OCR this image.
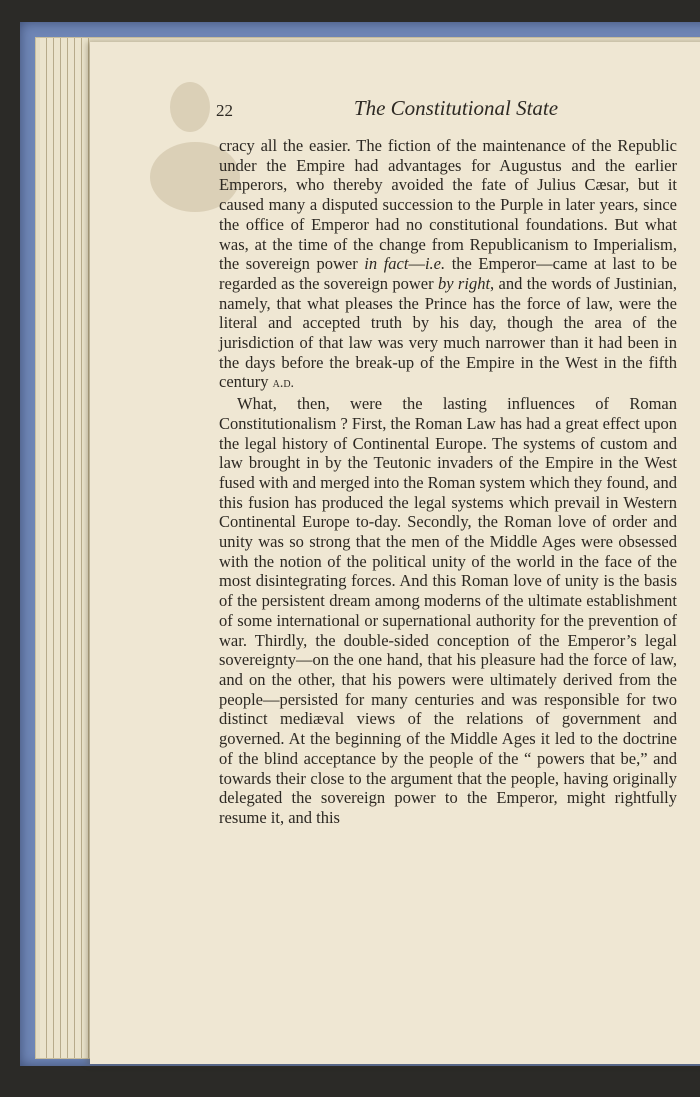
22	The Constitutional State

cracy all the easier. The fiction of the maintenance of the Republic under the Empire had advantages for Augustus and the earlier Emperors, who thereby avoided the fate of Julius Cæsar, but it caused many a disputed succession to the Purple in later years, since the office of Emperor had no constitutional foundations. But what was, at the time of the change from Republicanism to Imperialism, the sovereign power in fact—i.e. the Emperor—came at last to be regarded as the sovereign power by right, and the words of Justinian, namely, that what pleases the Prince has the force of law, were the literal and accepted truth by his day, though the area of the jurisdiction of that law was very much narrower than it had been in the days before the break-up of the Empire in the West in the fifth century a.d.

What, then, were the lasting influences of Roman Constitutionalism ? First, the Roman Law has had a great effect upon the legal history of Continental Europe. The systems of custom and law brought in by the Teutonic invaders of the Empire in the West fused with and merged into the Roman system which they found, and this fusion has produced the legal systems which prevail in Western Continental Europe to-day. Secondly, the Roman love of order and unity was so strong that the men of the Middle Ages were obsessed with the notion of the political unity of the world in the face of the most disintegrating forces. And this Roman love of unity is the basis of the persistent dream among moderns of the ultimate establishment of some international or supernational authority for the prevention of war. Thirdly, the double-sided conception of the Emperor’s legal sovereignty—on the one hand, that his pleasure had the force of law, and on the other, that his powers were ultimately derived from the people—persisted for many centuries and was responsible for two distinct mediæval views of the relations of government and governed. At the beginning of the Middle Ages it led to the doctrine of the blind acceptance by the people of the “ powers that be,” and towards their close to the argument that the people, having originally delegated the sovereign power to the Emperor, might rightfully resume it, and this
